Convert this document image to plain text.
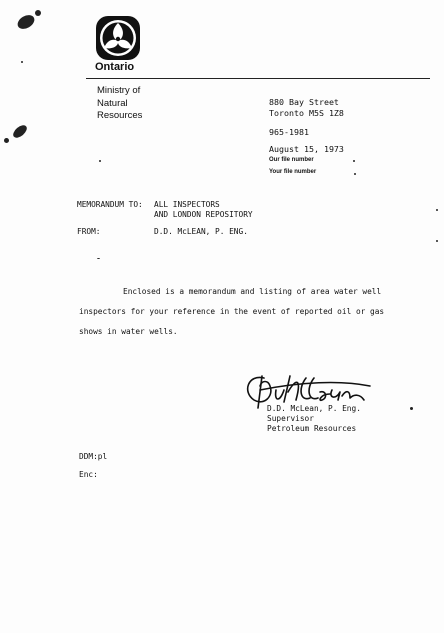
Ontario
Ministry of
Natural
Resources
880 Bay Street
Toronto M5S 1Z8
965-1981
August 15, 1973
Our file number
Your file number
MEMORANDUM TO: ALL INSPECTORS
AND LONDON REPOSITORY
FROM:	D.D. McLEAN, P. ENG.
Enclosed is a memorandum and listing of area water well
inspectors for your reference in the event of reported oil or gas
shows in water wells.
D.D. McLean, P. Eng.
Supervisor
Petroleum Resources
DDM:pl
Enc:
